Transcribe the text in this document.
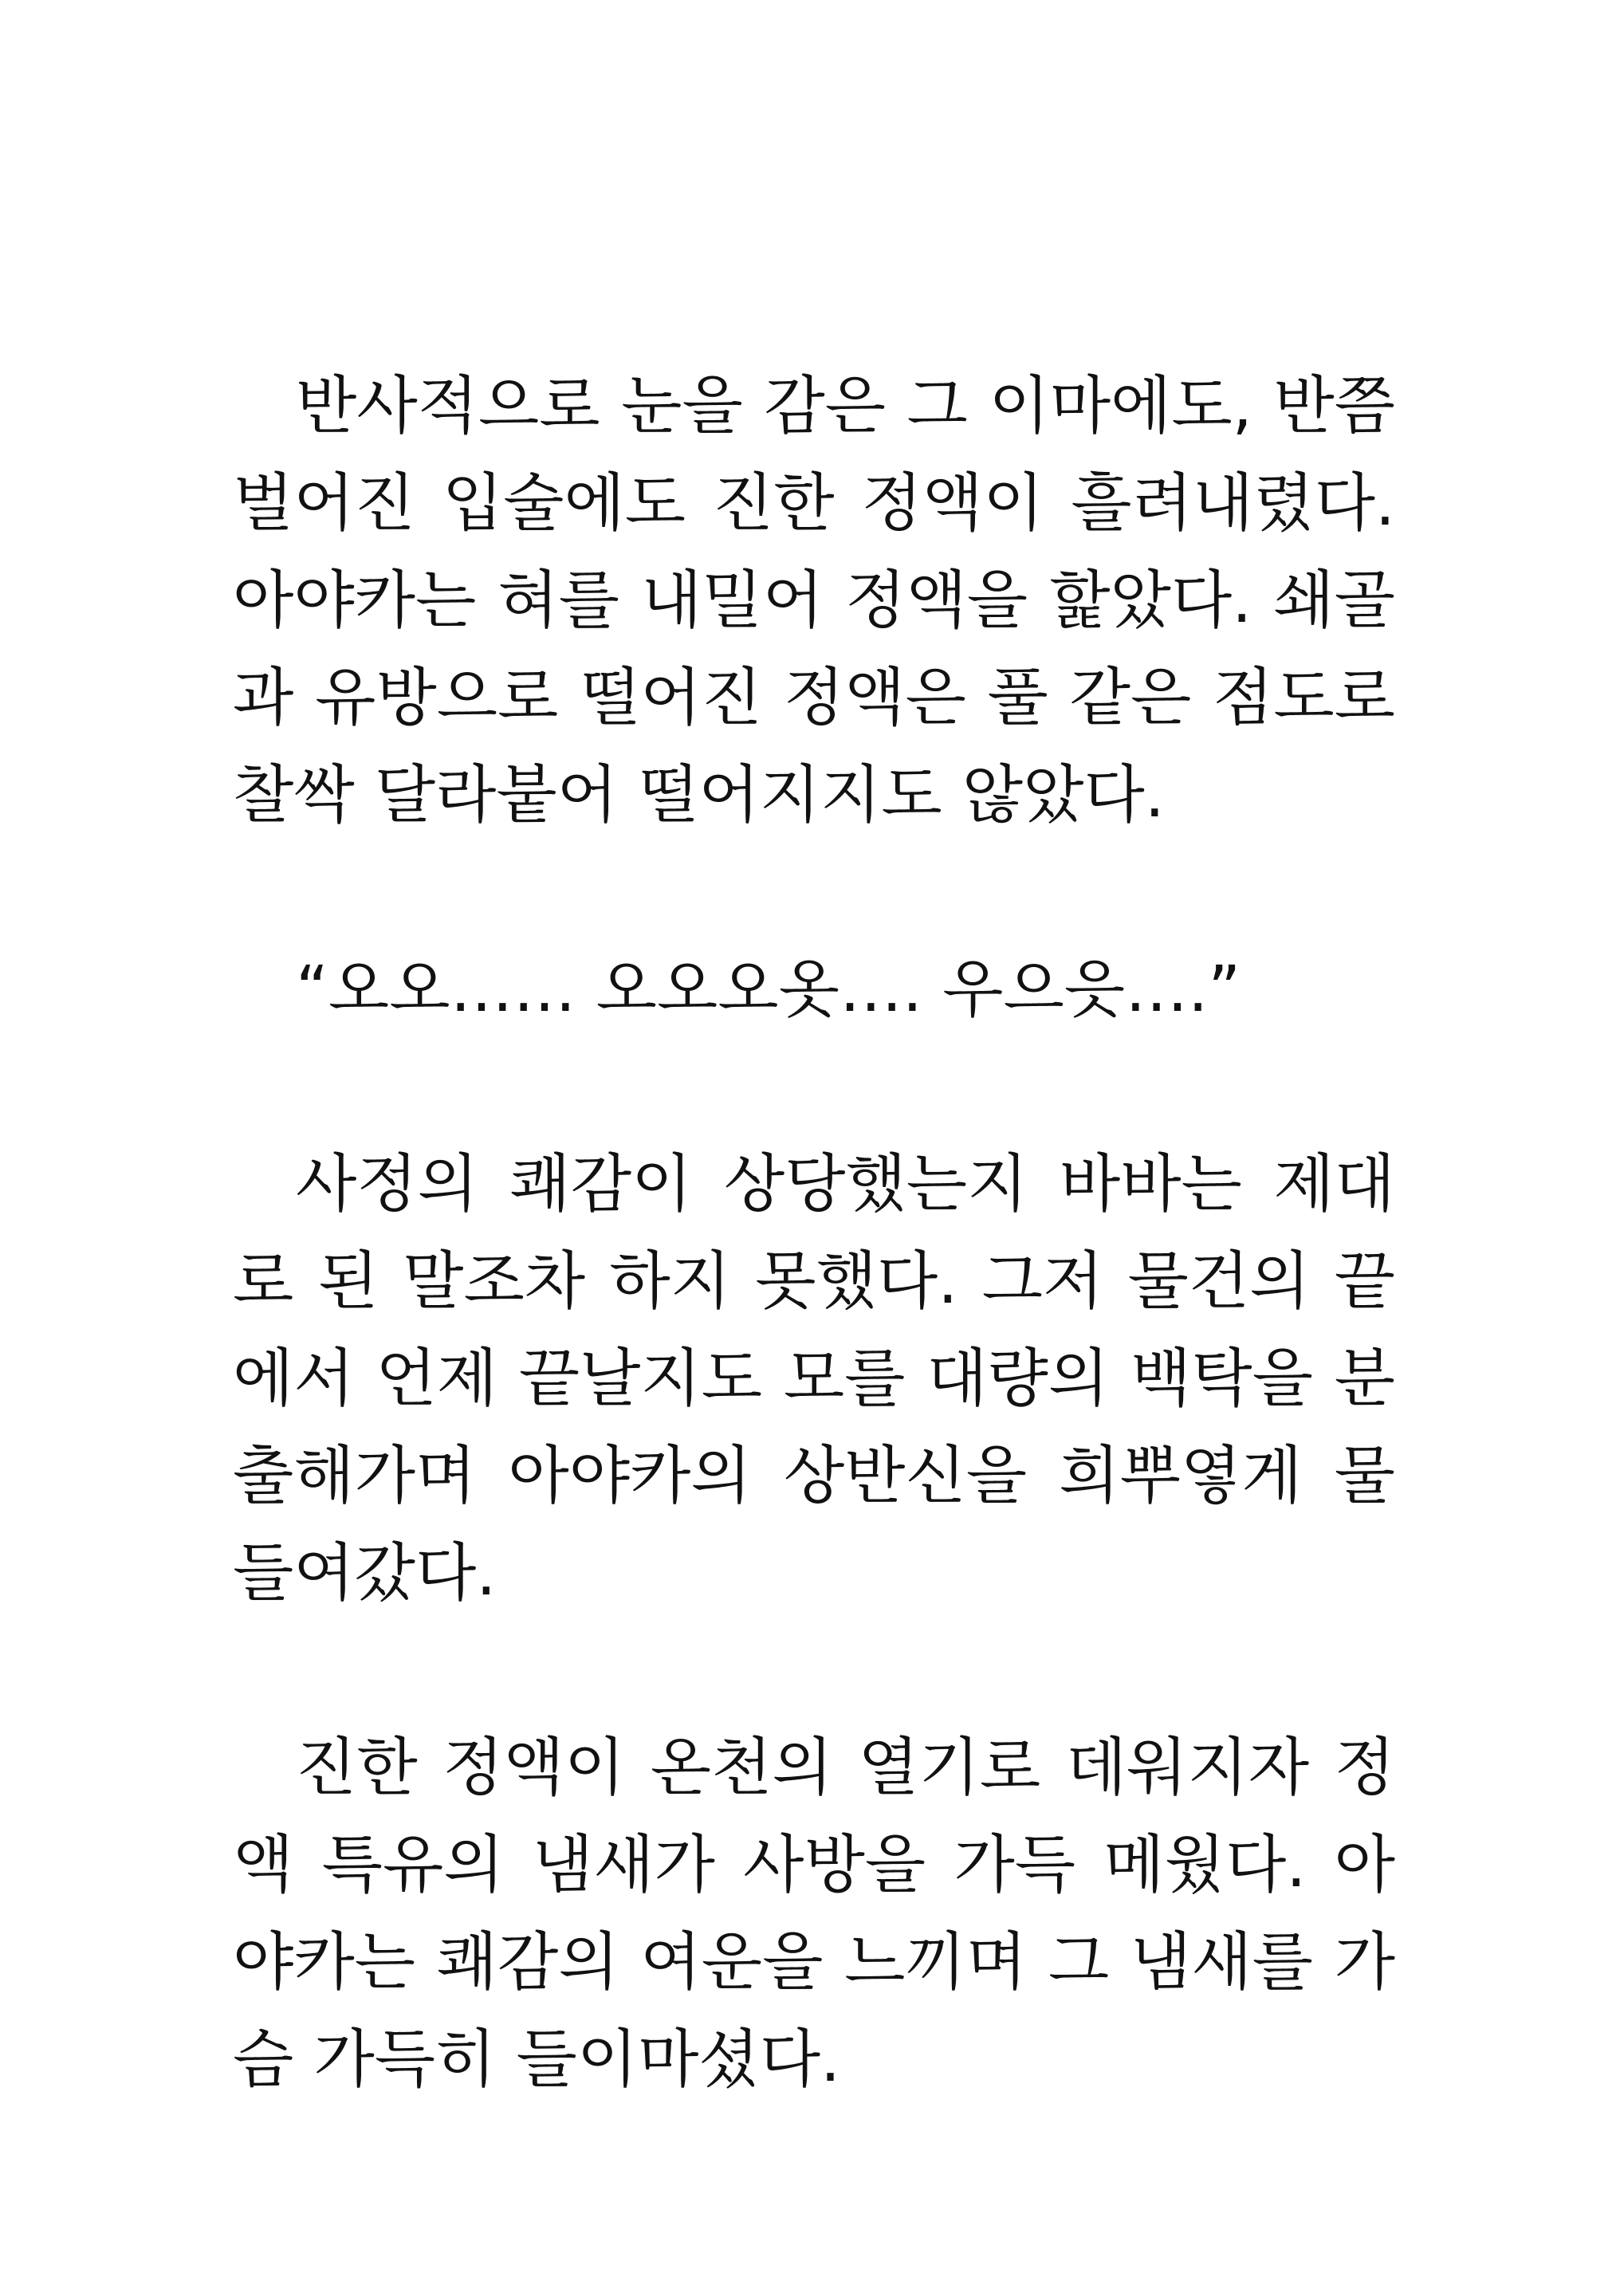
반사적으로 눈을 감은 그 이마에도, 반쯤 벌어진 입술에도 진한 정액이 흘려내렸다. 아야카는 혀를 내밀어 정액을 핥았다. 쇄골과 유방으로 떨어진 정액은 풀 같은 점도로 찰싹 달라붙어 떨어지지도 않았다.

“오오…… 오오오옷…. 우으읏….”

사정의 쾌감이 상당했는지 바바는 제대로 된 말조차 하지 못했다. 그저 물건의 끝에서 언제 끝날지도 모를 대량의 백탁을 분출해가며 아야카의 상반신을 희뿌옇게 물들여갔다.

진한 정액이 온천의 열기로 데워지자 정액 특유의 냄새가 사방을 가득 메웠다. 아야카는 쾌감의 여운을 느끼며 그 냄새를 가슴 가득히 들이마셨다.
